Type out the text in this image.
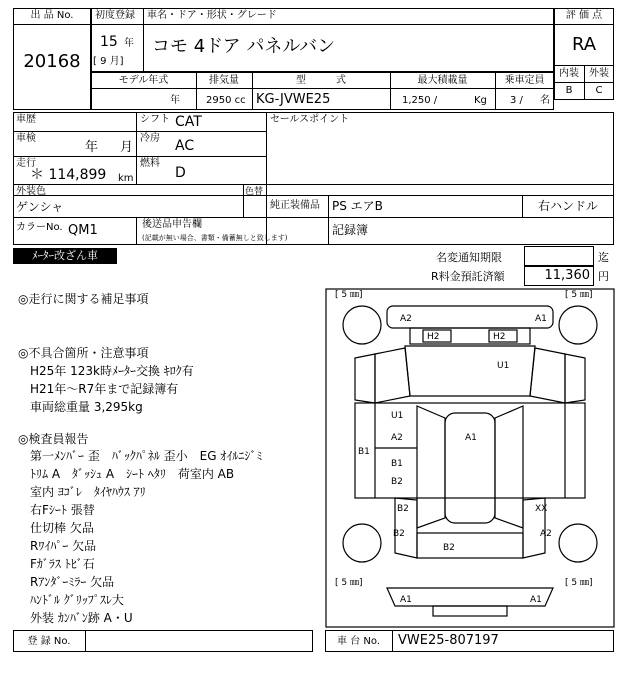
出 品 No.
20168
初度登録 車名・ドア・形状・グレード
15 年
[ 9 月]
コモ 4ドア パネルバン
評 価 点
RA
内装	外装
B	C
モデル年式	排気量	型　　　式	最大積載量	乗車定員
年	2950 cc KG-JVWE25	1,250 /	Kg 3 / 名
車歴	シフト CAT	セールスポイント
車検
年 月
冷房 AC
走行
＊ 114,899 km
燃料
D
外装色
ゲンシャ
色替
純正装備品 PS エアB	右ハンドル
カラーNo. QM1	後送品申告欄
(記載が無い場合、書類・備蓄無しと致します)
記録簿
ﾒｰﾀｰ改ざん車	名変通知期限	迄
R料金預託済額	11,360 円
◎走行に関する補足事項
◎不具合箇所・注意事項
H25年 123k時ﾒｰﾀｰ交換 ｷﾛｸ有
H21年～R7年まで記録簿有
車両総重量 3,295kg
◎検査員報告
第一ﾒﾝﾊﾞｰ 歪　ﾊﾞｯｸﾊﾟﾈﾙ 歪小　EG ｵｲﾙﾆｼﾞﾐ
ﾄﾘﾑ A　ﾀﾞｯｼｭ A　ｼｰﾄ ﾍﾀﾘ　荷室内 AB
室内 ﾖｺﾞﾚ　ﾀｲﾔﾊｳｽ ｱﾘ
右Fｼｰﾄ 張替
仕切棒 欠品
Rﾜｲﾊﾟｰ 欠品
Fｶﾞﾗｽ ﾄﾋﾞ石
Rｱﾝﾀﾞｰﾐﾗｰ 欠品
ﾊﾝﾄﾞﾙ ｸﾞﾘｯﾌﾟｽﾚ大
外装 ｶﾝﾊﾞﾝ跡 A・U
[ 5 ㎜]	[ 5 ㎜]
[ 5 ㎜]	[ 5 ㎜]
A2	A1
H2	H2
U1
U1
A2	A1
B1
B1
B2
B2	XX
B2	A2
B2
A1	A1
登 録 No.	車 台 No.	VWE25-807197
